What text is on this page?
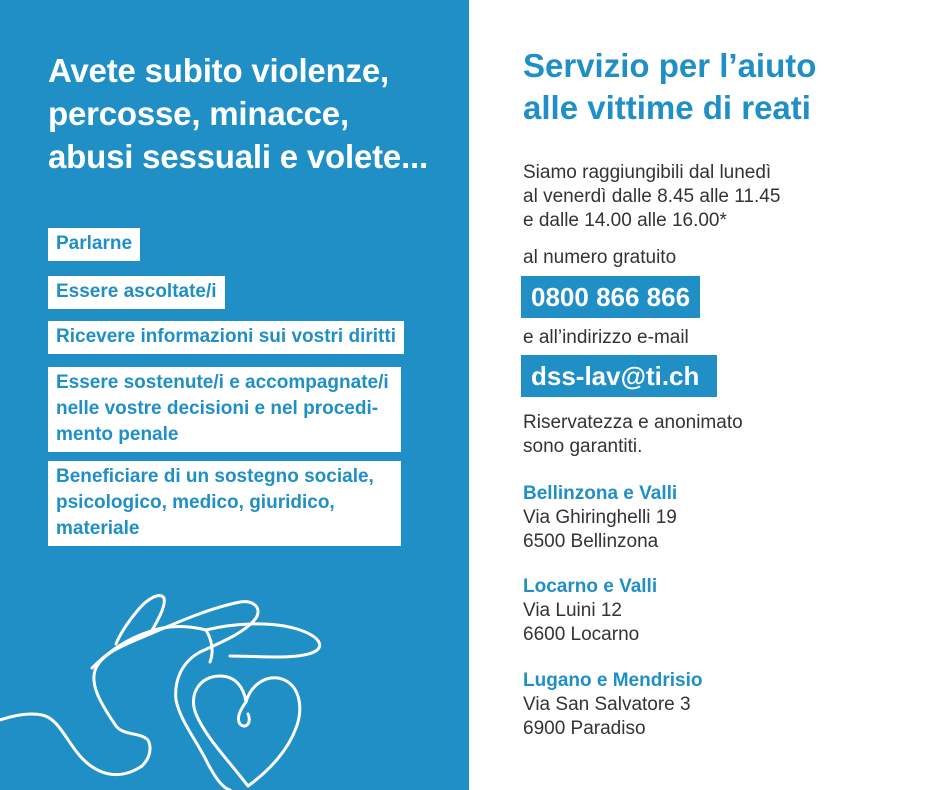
Avete subito violenze,
percosse, minacce,
abusi sessuali e volete...
Parlarne
Essere ascoltate/i
Ricevere informazioni sui vostri diritti
Essere sostenute/i e accompagnate/i
nelle vostre decisioni e nel procedi-
mento penale
Beneficiare di un sostegno sociale,
psicologico, medico, giuridico,
materiale
Servizio per l’aiuto
alle vittime di reati
Siamo raggiungibili dal lunedì
al venerdì dalle 8.45 alle 11.45
e dalle 14.00 alle 16.00*
al numero gratuito
0800 866 866
e all’indirizzo e-mail
dss-lav@ti.ch
Riservatezza e anonimato
sono garantiti.
Bellinzona e Valli
Via Ghiringhelli 19
6500 Bellinzona
Locarno e Valli
Via Luini 12
6600 Locarno
Lugano e Mendrisio
Via San Salvatore 3
6900 Paradiso
